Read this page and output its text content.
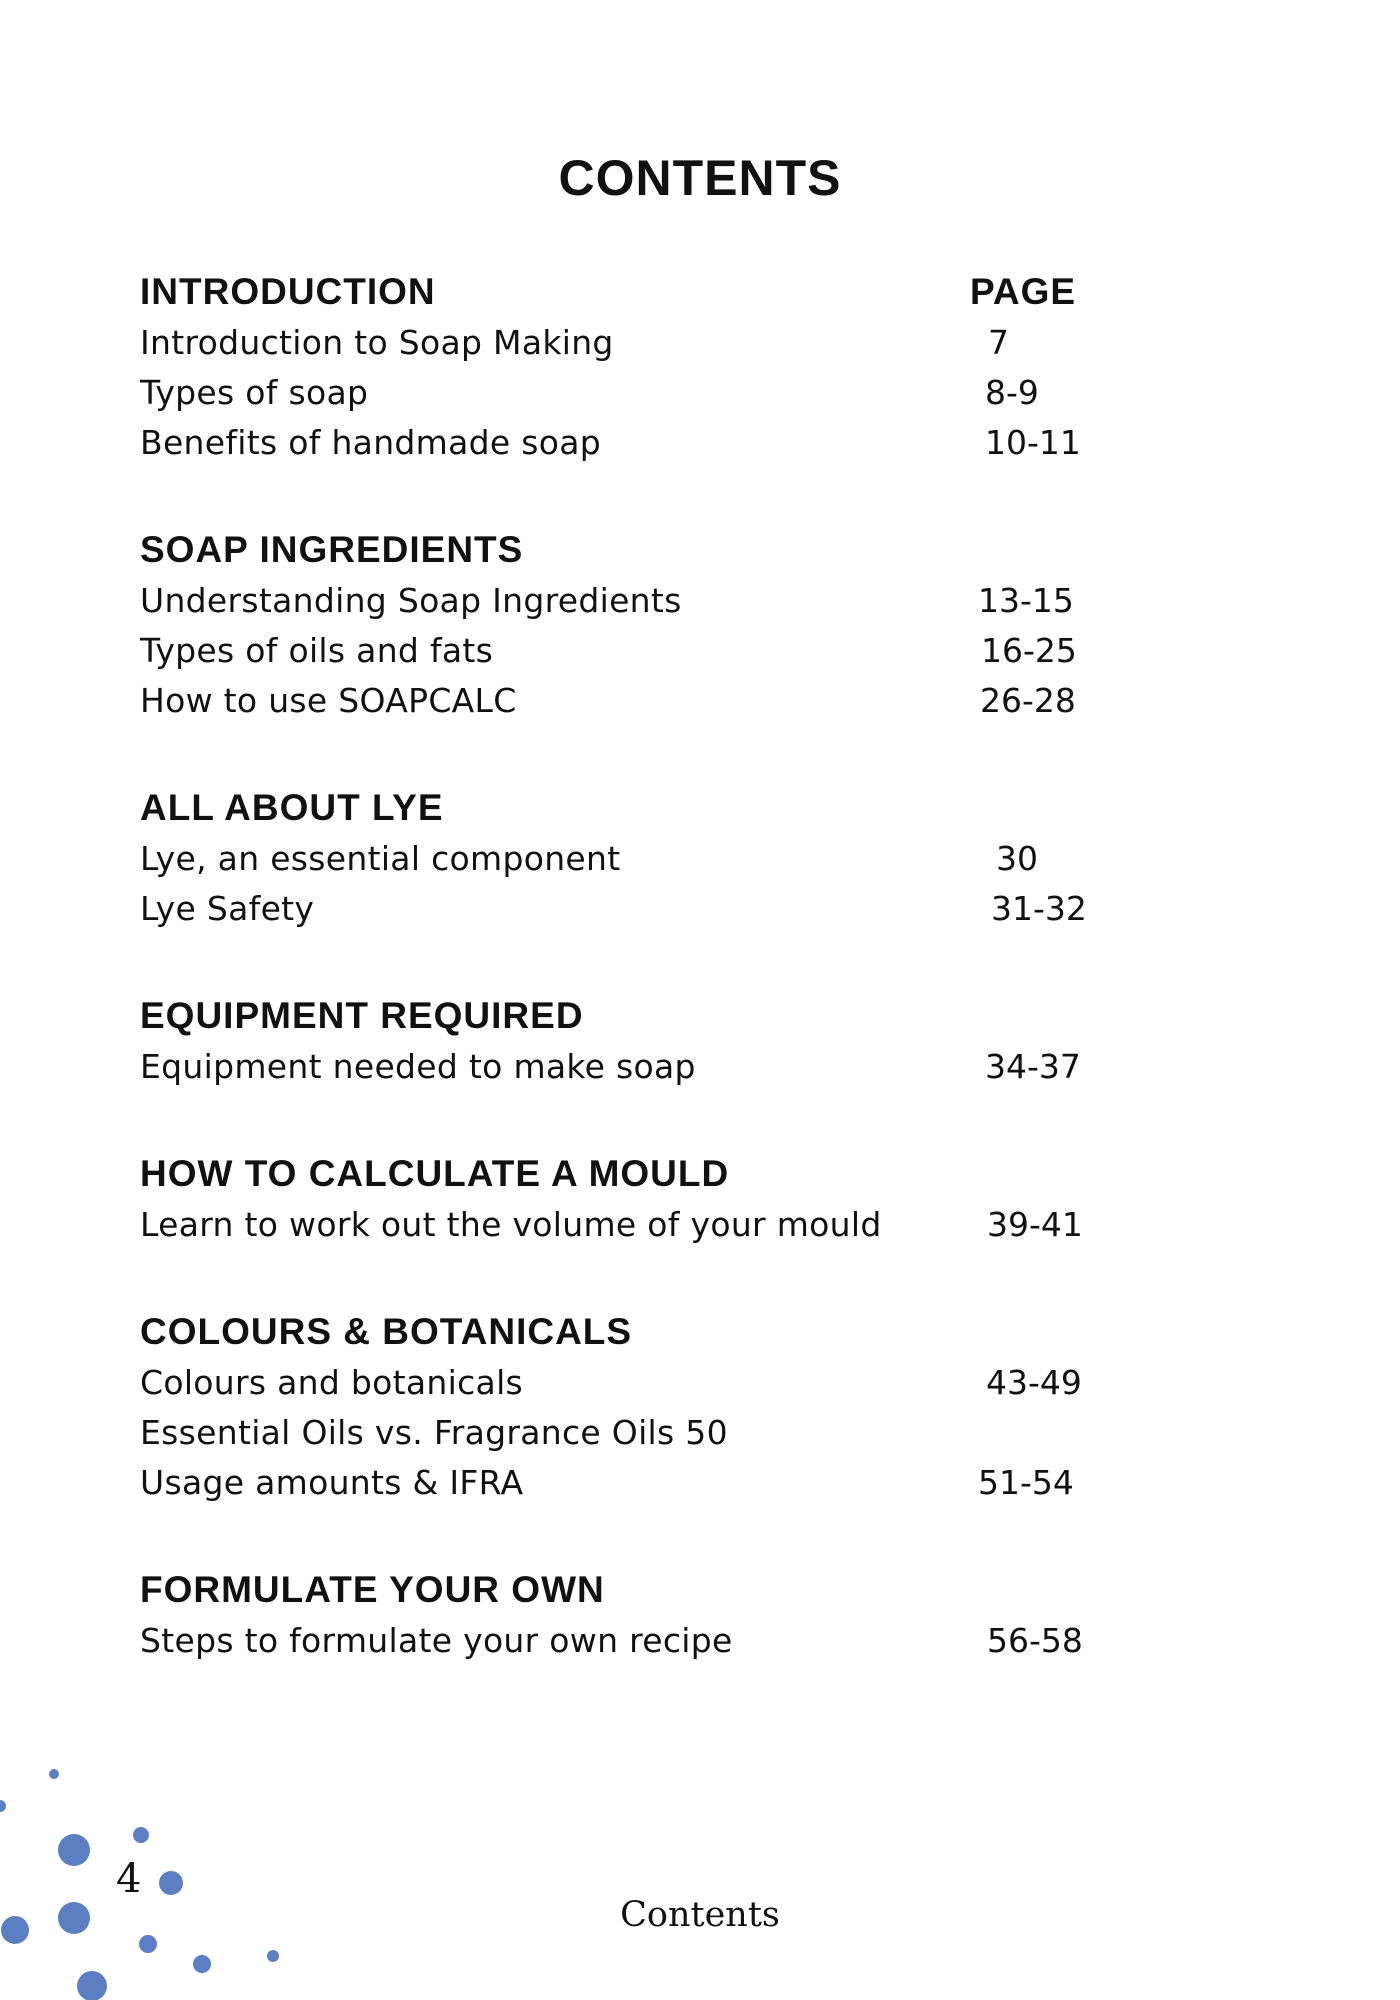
CONTENTS
INTRODUCTION	PAGE
Introduction to Soap Making	7
Types of soap	8-9
Benefits of handmade soap	10-11
SOAP INGREDIENTS
Understanding Soap Ingredients	13-15
Types of oils and fats	16-25
How to use SOAPCALC	26-28
ALL ABOUT LYE
Lye, an essential component	30
Lye Safety	31-32
EQUIPMENT REQUIRED
Equipment needed to make soap	34-37
HOW TO CALCULATE A MOULD
Learn to work out the volume of your mould	39-41
COLOURS & BOTANICALS
Colours and botanicals	43-49
Essential Oils vs. Fragrance Oils 50
Usage amounts & IFRA	51-54
FORMULATE YOUR OWN
Steps to formulate your own recipe	56-58
4
Contents
